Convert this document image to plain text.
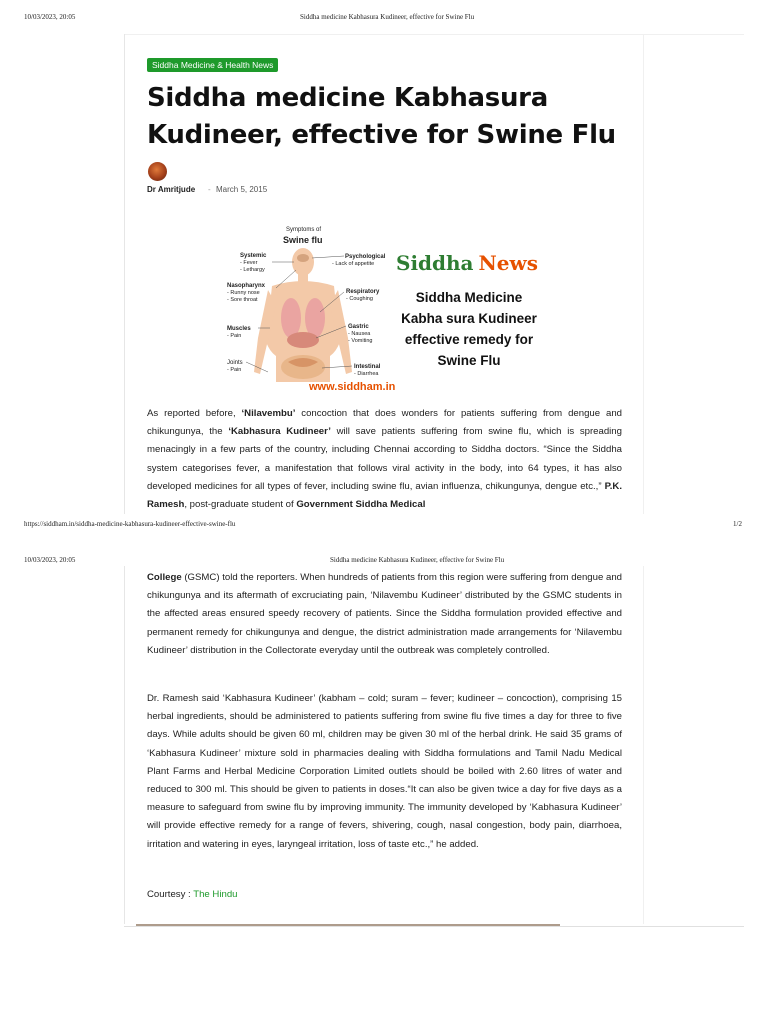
10/03/2023, 20:05	Siddha medicine Kabhasura Kudineer, effective for Swine Flu
Siddha Medicine & Health News
Siddha medicine Kabhasura Kudineer, effective for Swine Flu
Dr Amritjude - March 5, 2015
Symptoms of
Swine flu
Systemic
- Fever
- Lethargy
Nasopharynx
- Runny nose
- Sore throat
Muscles
- Pain
Joints
- Pain
Psychological
- Lack of appetite
Respiratory
- Coughing
Gastric
- Nausea
- Vomiting
Intestinal
- Diarrhea
Siddha News
Siddha Medicine
Kabha sura Kudineer
effective remedy for
Swine Flu
www.siddham.in

As reported before, ‘Nilavembu’ concoction that does wonders for patients suffering from dengue and chikungunya, the ‘Kabhasura Kudineer’ will save patients suffering from swine flu, which is spreading menacingly in a few parts of the country, including Chennai according to Siddha doctors. “Since the Siddha system categorises fever, a manifestation that follows viral activity in the body, into 64 types, it has also developed medicines for all types of fever, including swine flu, avian influenza, chikungunya, dengue etc.,” P.K. Ramesh, post-graduate student of Government Siddha Medical

https://siddham.in/siddha-medicine-kabhasura-kudineer-effective-swine-flu	1/2
10/03/2023, 20:05	Siddha medicine Kabhasura Kudineer, effective for Swine Flu

College (GSMC) told the reporters. When hundreds of patients from this region were suffering from dengue and chikungunya and its aftermath of excruciating pain, ‘Nilavembu Kudineer’ distributed by the GSMC students in the affected areas ensured speedy recovery of patients. Since the Siddha formulation provided effective and permanent remedy for chikungunya and dengue, the district administration made arrangements for ‘Nilavembu Kudineer’ distribution in the Collectorate everyday until the outbreak was completely controlled.

Dr. Ramesh said ‘Kabhasura Kudineer’ (kabham – cold; suram – fever; kudineer – concoction), comprising 15 herbal ingredients, should be administered to patients suffering from swine flu five times a day for three to five days. While adults should be given 60 ml, children may be given 30 ml of the herbal drink. He said 35 grams of ‘Kabhasura Kudineer’ mixture sold in pharmacies dealing with Siddha formulations and Tamil Nadu Medical Plant Farms and Herbal Medicine Corporation Limited outlets should be boiled with 2.60 litres of water and reduced to 300 ml. This should be given to patients in doses.“It can also be given twice a day for five days as a measure to safeguard from swine flu by improving immunity. The immunity developed by ‘Kabhasura Kudineer’ will provide effective remedy for a range of fevers, shivering, cough, nasal congestion, body pain, diarrhoea, irritation and watering in eyes, laryngeal irritation, loss of taste etc.,” he added.

Courtesy : The Hindu
